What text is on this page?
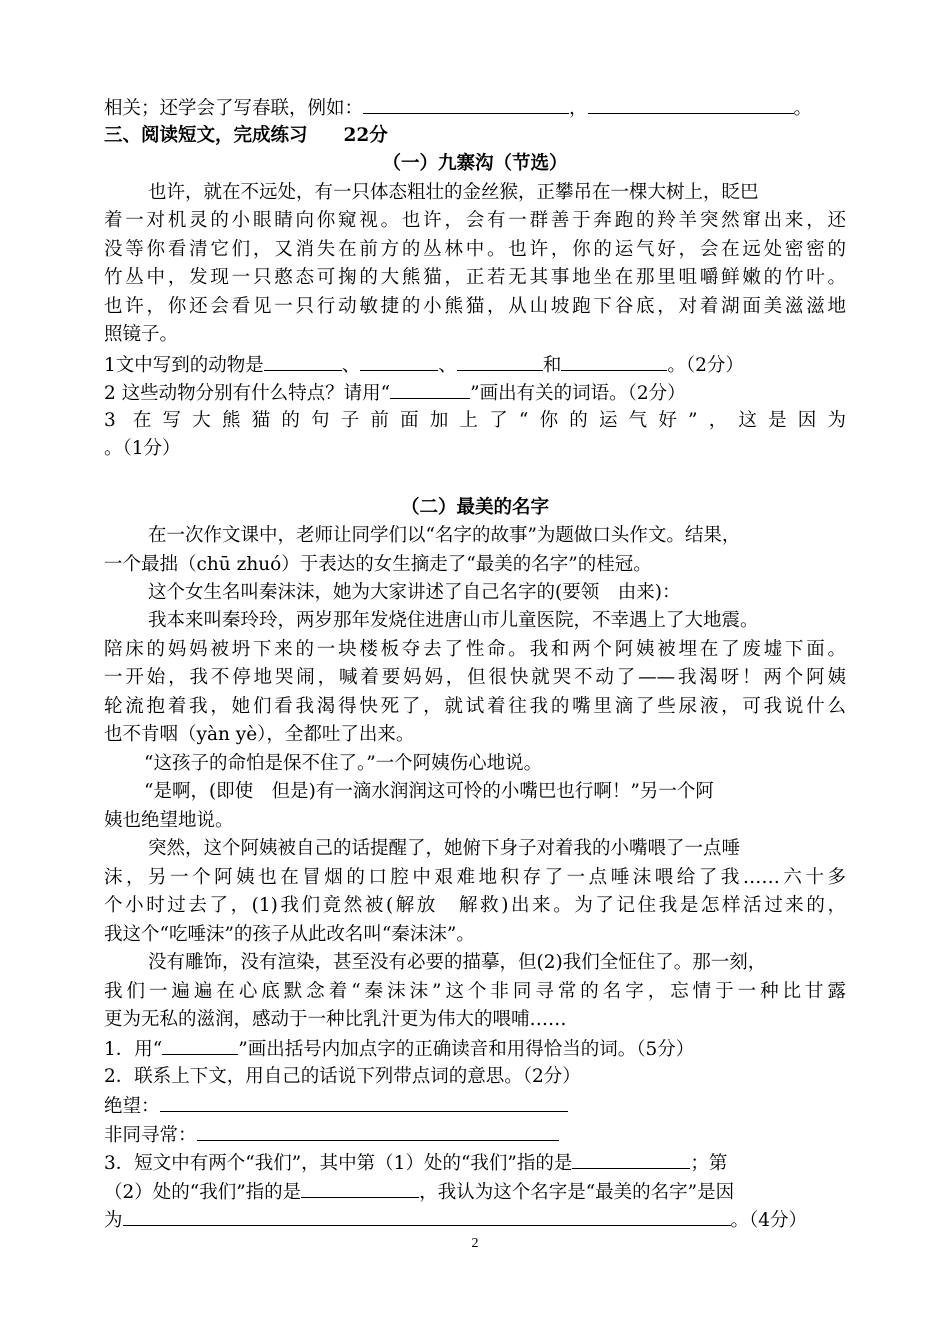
相关；还学会了写春联，例如：	，	。
三、阅读短文，完成练习 22分
（一）九寨沟（节选）
也许，就在不远处，有一只体态粗壮的金丝猴，正攀吊在一棵大树上，眨巴
着一对机灵的小眼睛向你窥视。也许，会有一群善于奔跑的羚羊突然窜出来，还
没等你看清它们，又消失在前方的丛林中。也许，你的运气好，会在远处密密的
竹丛中，发现一只憨态可掬的大熊猫，正若无其事地坐在那里咀嚼鲜嫩的竹叶。
也许，你还会看见一只行动敏捷的小熊猫，从山坡跑下谷底，对着湖面美滋滋地
照镜子。
1文中写到的动物是	、	、	和	。（2分）
2 这些动物分别有什么特点？请用“	”画出有关的词语。（2分）
3 在写大熊猫的句子前面加上了“你的运气好”，这是因为
。（1分）
（二）最美的名字
在一次作文课中，老师让同学们以“名字的故事”为题做口头作文。结果，
一个最拙（chū zhuó）于表达的女生摘走了“最美的名字”的桂冠。
这个女生名叫秦沫沫，她为大家讲述了自己名字的(要领　由来)：
我本来叫秦玲玲，两岁那年发烧住进唐山市儿童医院，不幸遇上了大地震。
陪床的妈妈被坍下来的一块楼板夺去了性命。我和两个阿姨被埋在了废墟下面。
一开始，我不停地哭闹，喊着要妈妈，但很快就哭不动了——我渴呀！两个阿姨
轮流抱着我，她们看我渴得快死了，就试着往我的嘴里滴了些尿液，可我说什么
也不肯咽（yàn yè），全都吐了出来。
“这孩子的命怕是保不住了。”一个阿姨伤心地说。
“是啊，(即使　但是)有一滴水润润这可怜的小嘴巴也行啊！”另一个阿
姨也绝望地说。
突然，这个阿姨被自己的话提醒了，她俯下身子对着我的小嘴喂了一点唾
沫，另一个阿姨也在冒烟的口腔中艰难地积存了一点唾沫喂给了我……六十多
个小时过去了，(1)我们竟然被(解放　解救)出来。为了记住我是怎样活过来的，
我这个“吃唾沫”的孩子从此改名叫“秦沫沫”。
没有雕饰，没有渲染，甚至没有必要的描摹，但(2)我们全怔住了。那一刻，
我们一遍遍在心底默念着“秦沫沫”这个非同寻常的名字，忘情于一种比甘露
更为无私的滋润，感动于一种比乳汁更为伟大的喂哺……
1．用“	”画出括号内加点字的正确读音和用得恰当的词。（5分）
2．联系上下文，用自己的话说下列带点词的意思。（2分）
绝望：
非同寻常：
3．短文中有两个“我们”，其中第（1）处的“我们”指的是	；第
（2）处的“我们”指的是	，我认为这个名字是“最美的名字”是因
为	。（4分）
2
